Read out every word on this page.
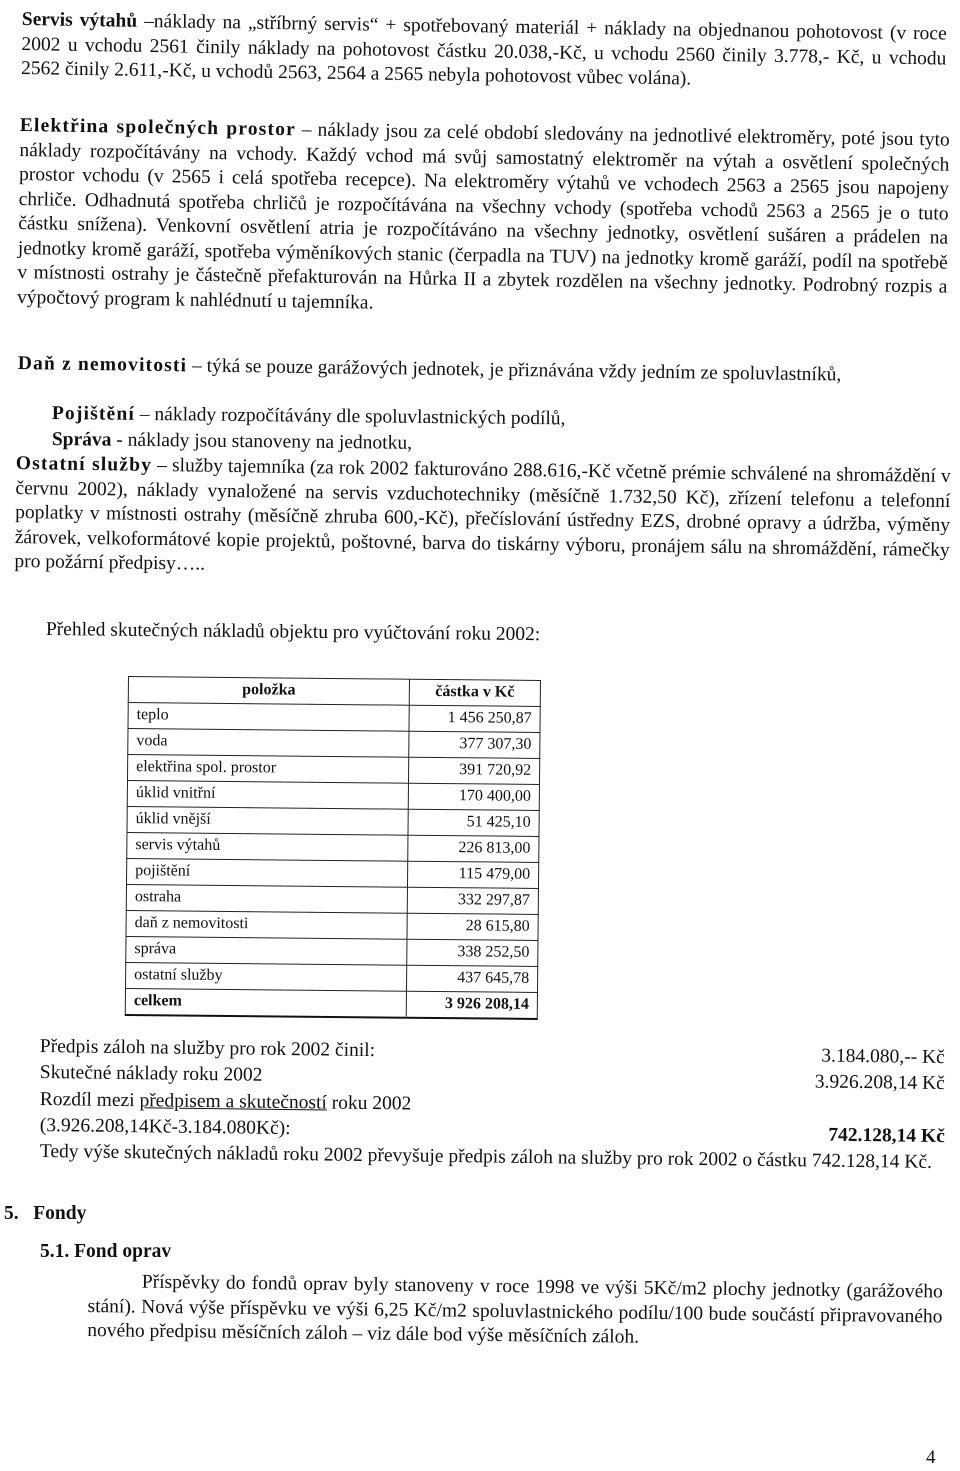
Servis výtahů –náklady na „stříbrný servis“ + spotřebovaný materiál + náklady na objednanou pohotovost (v roce 2002 u vchodu 2561 činily náklady na pohotovost částku 20.038,-Kč, u vchodu 2560 činily 3.778,- Kč, u vchodu 2562 činily 2.611,-Kč, u vchodů 2563, 2564 a 2565 nebyla pohotovost vůbec volána).

Elektřina společných prostor – náklady jsou za celé období sledovány na jednotlivé elektroměry, poté jsou tyto náklady rozpočítávány na vchody. Každý vchod má svůj samostatný elektroměr na výtah a osvětlení společných prostor vchodu (v 2565 i celá spotřeba recepce). Na elektroměry výtahů ve vchodech 2563 a 2565 jsou napojeny chrliče. Odhadnutá spotřeba chrličů je rozpočítávána na všechny vchody (spotřeba vchodů 2563 a 2565 je o tuto částku snížena). Venkovní osvětlení atria je rozpočítáváno na všechny jednotky, osvětlení sušáren a prádelen na jednotky kromě garáží, spotřeba výměníkových stanic (čerpadla na TUV) na jednotky kromě garáží, podíl na spotřebě v místnosti ostrahy je částečně přefakturován na Hůrka II a zbytek rozdělen na všechny jednotky. Podrobný rozpis a výpočtový program k nahlédnutí u tajemníka.

Daň z nemovitosti – týká se pouze garážových jednotek, je přiznávána vždy jedním ze spoluvlastníků,

Pojištění – náklady rozpočítávány dle spoluvlastnických podílů,

Správa - náklady jsou stanoveny na jednotku,

Ostatní služby – služby tajemníka (za rok 2002 fakturováno 288.616,-Kč včetně prémie schválené na shromáždění v červnu 2002), náklady vynaložené na servis vzduchotechniky (měsíčně 1.732,50 Kč), zřízení telefonu a telefonní poplatky v místnosti ostrahy (měsíčně zhruba 600,-Kč), přečíslování ústředny EZS, drobné opravy a údržba, výměny žárovek, velkoformátové kopie projektů, poštovné, barva do tiskárny výboru, pronájem sálu na shromáždění, rámečky pro požární předpisy…..

Přehled skutečných nákladů objektu pro vyúčtování roku 2002:

položka	částka v Kč
teplo	1 456 250,87
voda	377 307,30
elektřina spol. prostor	391 720,92
úklid vnitřní	170 400,00
úklid vnější	51 425,10
servis výtahů	226 813,00
pojištění	115 479,00
ostraha	332 297,87
daň z nemovitosti	28 615,80
správa	338 252,50
ostatní služby	437 645,78
celkem	3 926 208,14
Předpis záloh na služby pro rok 2002 činil:	3.184.080,-- Kč
Skutečné náklady roku 2002	3.926.208,14 Kč
Rozdíl mezi předpisem a skutečností roku 2002
(3.926.208,14Kč-3.184.080Kč):	742.128,14 Kč

Tedy výše skutečných nákladů roku 2002 převyšuje předpis záloh na služby pro rok 2002 o částku 742.128,14 Kč.

5. Fondy
5.1. Fond oprav

Příspěvky do fondů oprav byly stanoveny v roce 1998 ve výši 5Kč/m2 plochy jednotky (garážového stání). Nová výše příspěvku ve výši 6,25 Kč/m2 spoluvlastnického podílu/100 bude součástí připravovaného nového předpisu měsíčních záloh – viz dále bod výše měsíčních záloh.

4
